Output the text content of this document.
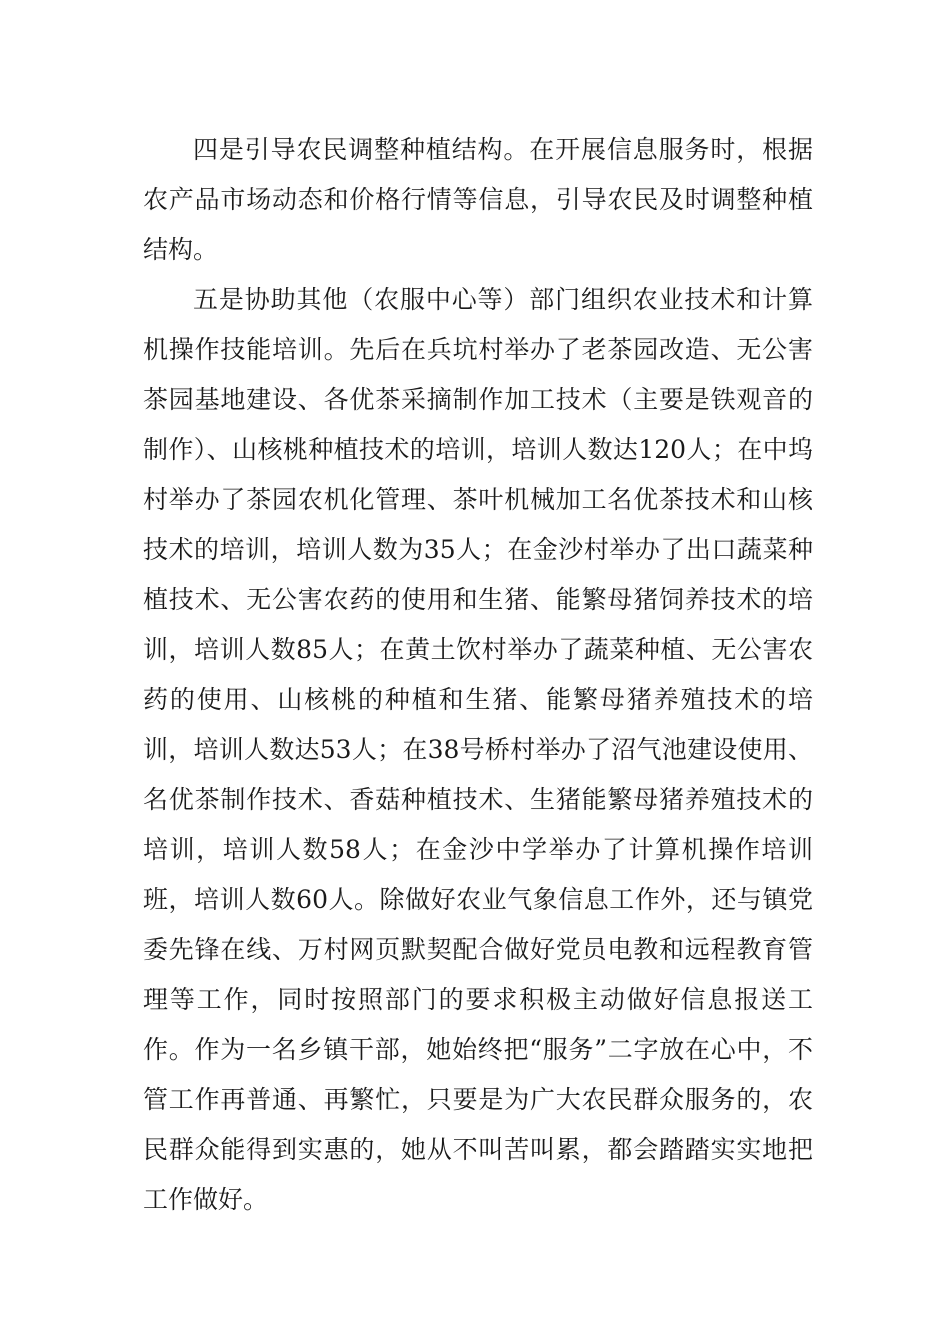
四是引导农民调整种植结构。在开展信息服务时，根据农产品市场动态和价格行情等信息，引导农民及时调整种植结构。

五是协助其他（农服中心等）部门组织农业技术和计算机操作技能培训。先后在兵坑村举办了老茶园改造、无公害茶园基地建设、各优茶采摘制作加工技术（主要是铁观音的制作）、山核桃种植技术的培训，培训人数达120人；在中坞村举办了茶园农机化管理、茶叶机械加工名优茶技术和山核技术的培训，培训人数为35人；在金沙村举办了出口蔬菜种植技术、无公害农药的使用和生猪、能繁母猪饲养技术的培训，培训人数85人；在黄土饮村举办了蔬菜种植、无公害农药的使用、山核桃的种植和生猪、能繁母猪养殖技术的培训，培训人数达53人；在38号桥村举办了沼气池建设使用、名优茶制作技术、香菇种植技术、生猪能繁母猪养殖技术的培训，培训人数58人；在金沙中学举办了计算机操作培训班，培训人数60人。除做好农业气象信息工作外，还与镇党委先锋在线、万村网页默契配合做好党员电教和远程教育管理等工作，同时按照部门的要求积极主动做好信息报送工作。作为一名乡镇干部，她始终把“服务”二字放在心中，不管工作再普通、再繁忙，只要是为广大农民群众服务的，农民群众能得到实惠的，她从不叫苦叫累，都会踏踏实实地把工作做好。
